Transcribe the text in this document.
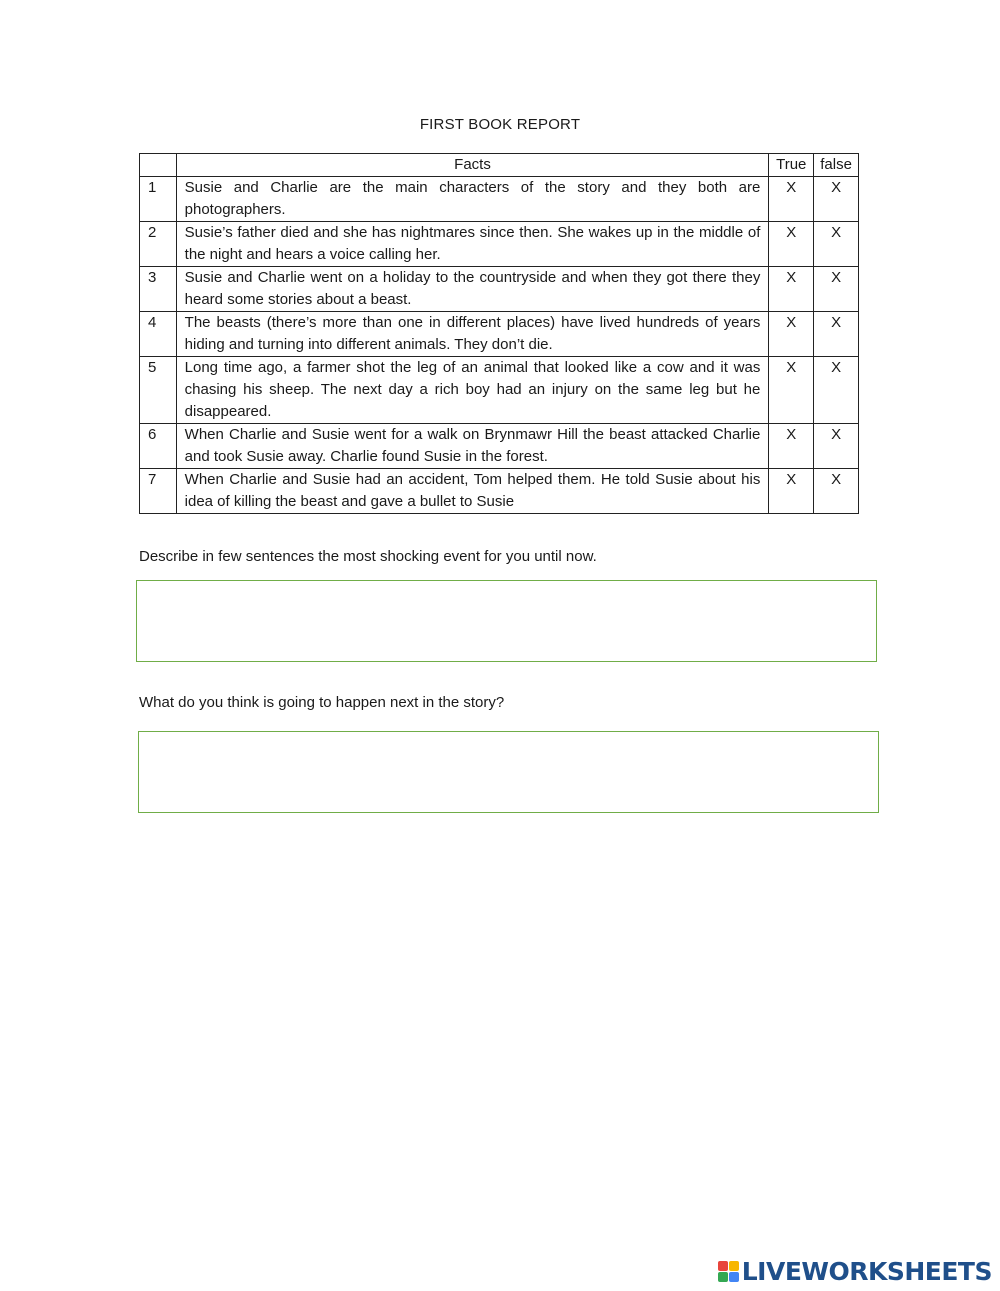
FIRST BOOK REPORT
	Facts	True	false
1	Susie and Charlie are the main characters of the story and they both are photographers.	X	X
2	Susie’s father died and she has nightmares since then. She wakes up in the middle of the night and hears a voice calling her.	X	X
3	Susie and Charlie went on a holiday to the countryside and when they got there they heard some stories about a beast.	X	X
4	The beasts (there’s more than one in different places) have lived hundreds of years hiding and turning into different animals. They don’t die.	X	X
5	Long time ago, a farmer shot the leg of an animal that looked like a cow and it was chasing his sheep. The next day a rich boy had an injury on the same leg but he disappeared.	X	X
6	When Charlie and Susie went for a walk on Brynmawr Hill the beast attacked Charlie and took Susie away. Charlie found Susie in the forest.	X	X
7	When Charlie and Susie had an accident, Tom helped them. He told Susie about his idea of killing the beast and gave a bullet to Susie	X	X
Describe in few sentences the most shocking event for you until now.
What do you think is going to happen next in the story?
LIVEWORKSHEETS
